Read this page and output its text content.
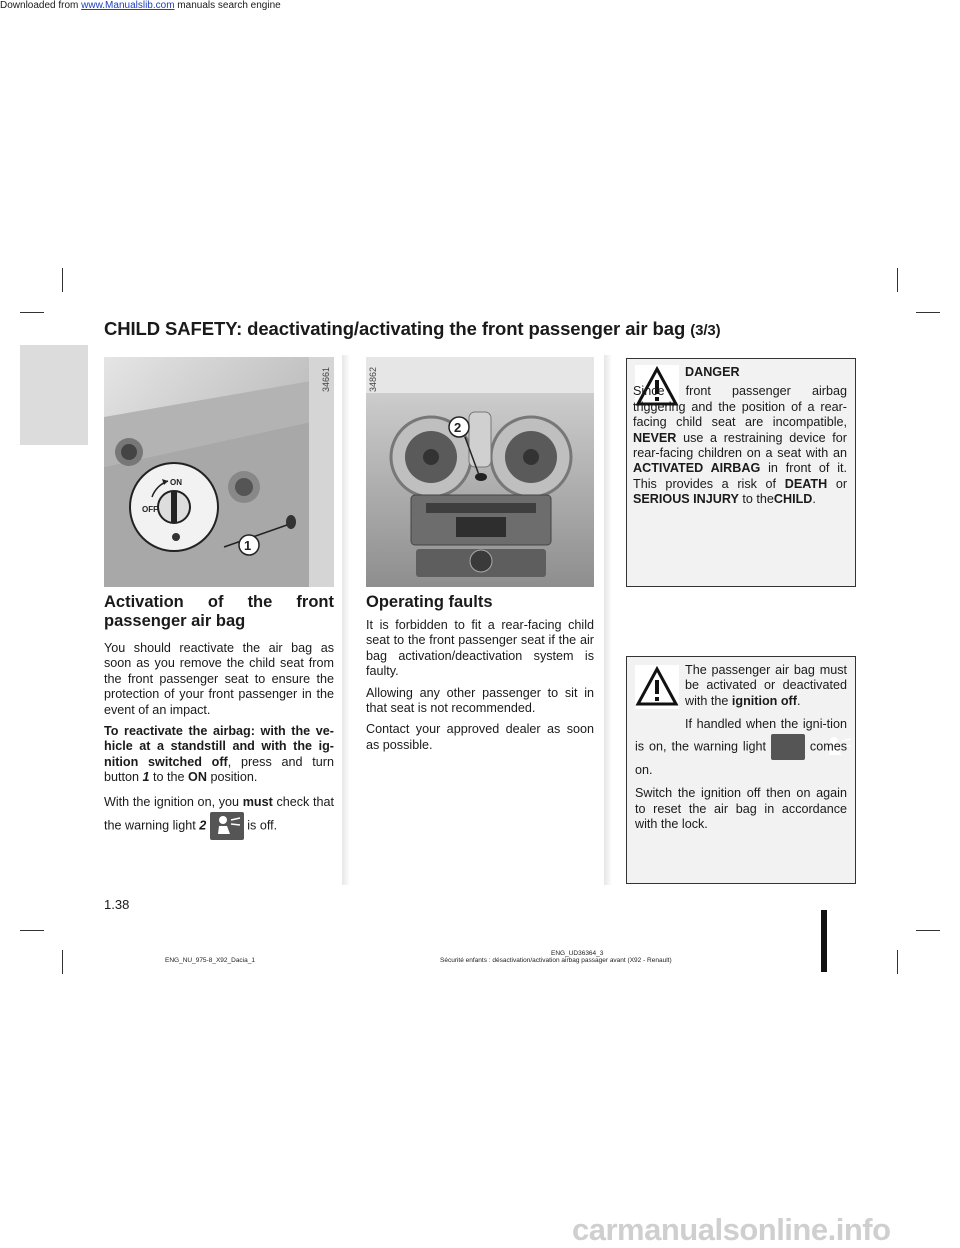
Downloaded from www.Manualslib.com manuals search engine
CHILD SAFETY: deactivating/activating the front passenger air bag (3/3)
1
ON
OFF
34661
2
34862
Activation of the front passenger air bag

You should reactivate the air bag as soon as you remove the child seat from the front passenger seat to ensure the protection of your front passenger in the event of an impact.

To reactivate the airbag: with the ve-hicle at a standstill and with the ig-nition switched off, press and turn button 1 to the ON position.

With the ignition on, you must check that the warning light 2	is off.

Operating faults

It is forbidden to fit a rear-facing child seat to the front passenger seat if the air bag activation/deactivation system is faulty.

Allowing any other passenger to sit in that seat is not recommended.

Contact your approved dealer as soon as possible.

DANGER
Since front passenger airbag triggering and the position of a rear-facing child seat are incompatible, NEVER use a restraining device for rear-facing children on a seat with an ACTIVATED AIRBAG in front of it. This provides a risk of DEATH or SERIOUS INJURY to theCHILD.

The passenger air bag must be activated or deactivated with the ignition off.

If handled when the igni-tion is on, the warning light	comes on.

Switch the ignition off then on again to reset the air bag in accordance with the lock.

1.38
ENG_NU_975-8_X92_Dacia_1
ENG_UD36364_3
Sécurité enfants : désactivation/activation airbag passager avant (X92 - Renault)
carmanualsonline.info
